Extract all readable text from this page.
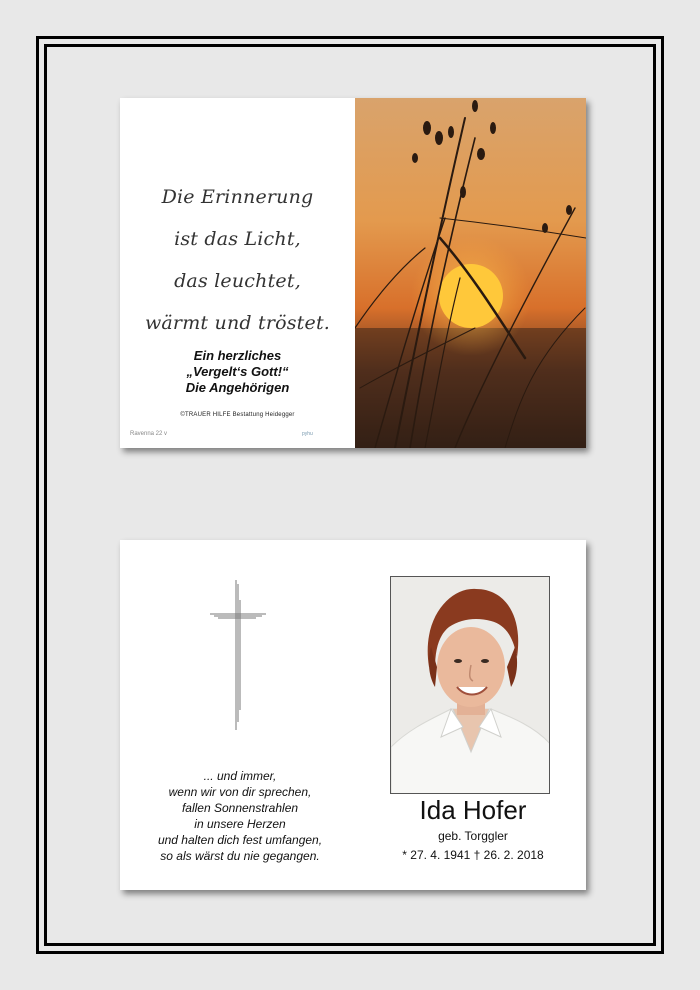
Die Erinnerung
ist das Licht,
das leuchtet,
wärmt und tröstet.
Ein herzliches
„Vergelt‘s Gott!“
Die Angehörigen
©TRAUER HILFE Bestattung Heidegger
Ravenna 22 v	pyhu
... und immer,
wenn wir von dir sprechen,
fallen Sonnenstrahlen
in unsere Herzen
und halten dich fest umfangen,
so als wärst du nie gegangen.
Ida Hofer
geb. Torggler
* 27. 4. 1941 † 26. 2. 2018
